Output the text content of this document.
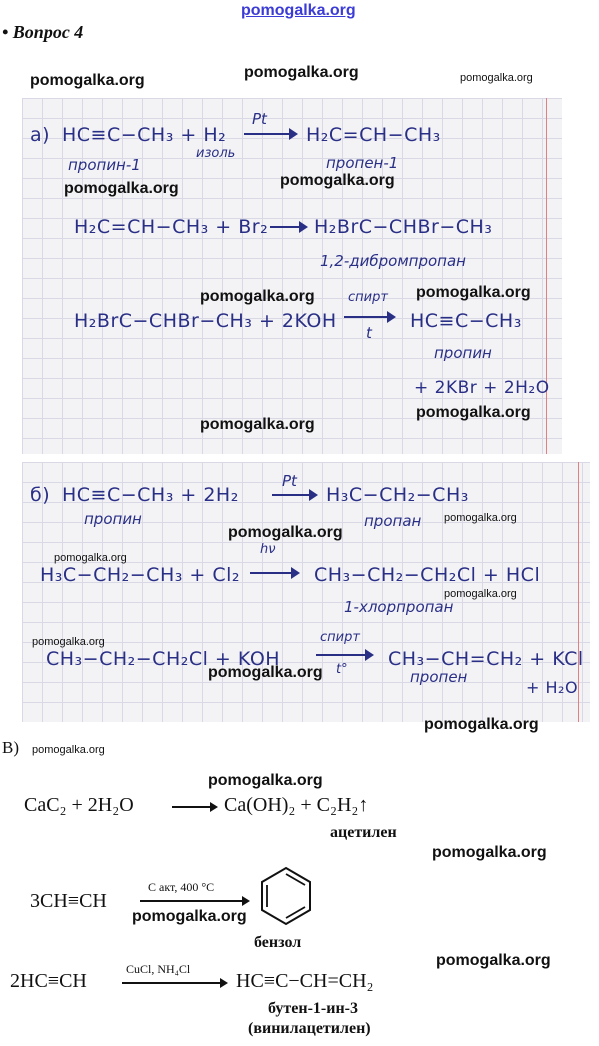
pomogalka.org
• Вопрос 4
pomogalka.org	pomogalka.org	pomogalka.org
а) HC≡C−CH₃ + H₂
Pt
H₂C=CH−CH₃
пропин-1
изоль
пропен-1
pomogalka.org	pomogalka.org
H₂C=CH−CH₃ + Br₂ H₂BrC−CHBr−CH₃
1,2-дибромпропан
pomogalka.org	pomogalka.org
спирт
H₂BrC−CHBr−CH₃ + 2KOH
t
HC≡C−CH₃
пропин
+ 2KBr + 2H₂O
pomogalka.org
pomogalka.org
б) HC≡C−CH₃ + 2H₂
Pt
H₃C−CH₂−CH₃
пропин	пропан pomogalka.org
pomogalka.org
pomogalka.org
hν
H₃C−CH₂−CH₃ + Cl₂	CH₃−CH₂−CH₂Cl + HCl
pomogalka.org
1-хлорпропан
pomogalka.org	спирт
CH₃−CH₂−CH₂Cl + KOH	t° CH₃−CH=CH₂ + KCl
pomogalka.org	пропен
+ H₂O
pomogalka.org
В) pomogalka.org
pomogalka.org
CaC₂ + 2H₂O	Ca(OH)₂ + C₂H₂↑
ацетилен
pomogalka.org
3CH≡CH
C акт, 400 °C
pomogalka.org
бензол
pomogalka.org
2HC≡CH
CuCl, NH₄Cl
HC≡C−CH=CH₂
бутен-1-ин-3
(винилацетилен)
